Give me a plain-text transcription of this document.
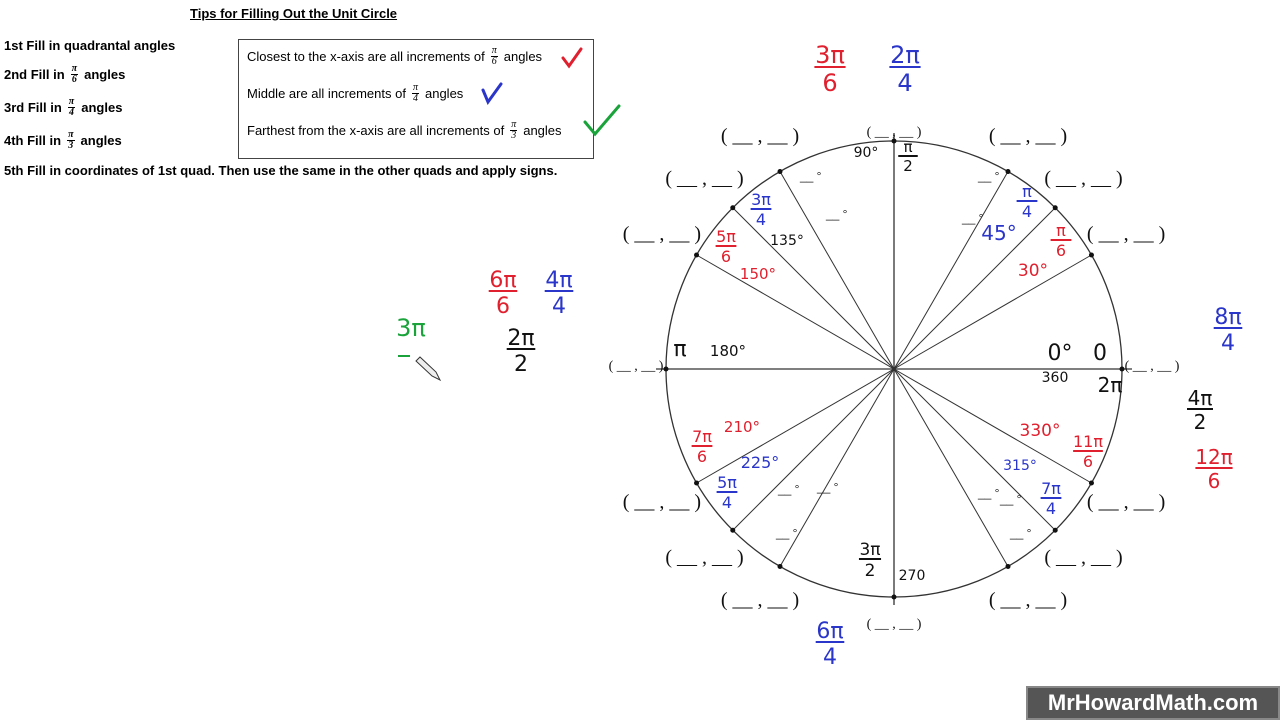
Tips for Filling Out the Unit Circle
1st Fill in quadrantal angles
2nd Fill in $\frac{\pi}{6}$ angles
3rd Fill in $\frac{\pi}{4}$ angles
4th Fill in $\frac{\pi}{3}$ angles
5th Fill in coordinates of 1st quad. Then use the same in the other quads and apply signs.
Closest to the x-axis are all increments of $\frac{\pi}{6}$ angles
Middle are all increments of $\frac{\pi}{4}$ angles
Farthest from the x-axis are all increments of $\frac{\pi}{3}$ angles
( __ , __ )
( __ , __ )
( __ , __ )
( __ , __ )
( __ , __ )
( __ , __ )
( __ , __ )
( __ , __ )
( __ , __ )
( __ , __ )
( __ , __ )
( __ , __ )
( __ , __ )
( __ , __ )
( __ , __ )
( __ , __ )
__ °
__ °	__ °
__ °
__ ° __ °	__ ° __ °
__ °	__ °
90° π
2
3π
6
2π
4
3π
4
135°
5π
6
150°
6π
6
4π
4
2π
2
π 180°
3π
π
4
45° π
6
30°
0° 0
360 2π
8π
4
4π
2
12π
6
330°
11π
6
315°
7π
4
7π
6
210°
225°
5π
4
3π
2 270
6π
4
MrHowardMath.com
